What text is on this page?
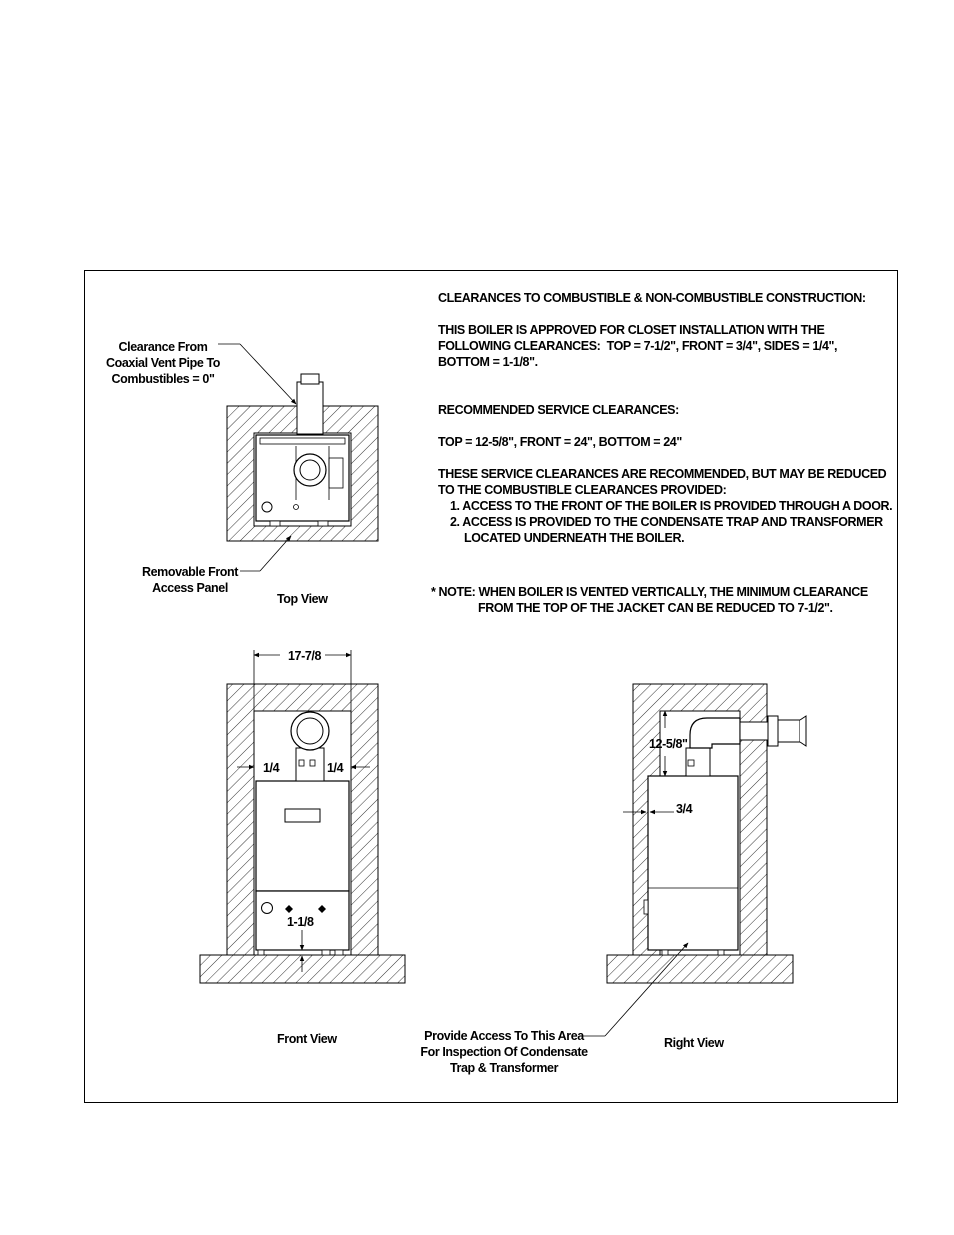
CLEARANCES TO COMBUSTIBLE & NON-COMBUSTIBLE CONSTRUCTION:
THIS BOILER IS APPROVED FOR CLOSET INSTALLATION WITH THE
FOLLOWING CLEARANCES:  TOP = 7-1/2", FRONT = 3/4", SIDES = 1/4",
BOTTOM = 1-1/8".
RECOMMENDED SERVICE CLEARANCES:
TOP = 12-5/8", FRONT = 24", BOTTOM = 24"
THESE SERVICE CLEARANCES ARE RECOMMENDED, BUT MAY BE REDUCED
TO THE COMBUSTIBLE CLEARANCES PROVIDED:
1. ACCESS TO THE FRONT OF THE BOILER IS PROVIDED THROUGH A DOOR.
2. ACCESS IS PROVIDED TO THE CONDENSATE TRAP AND TRANSFORMER
LOCATED UNDERNEATH THE BOILER.
* NOTE: WHEN BOILER IS VENTED VERTICALLY, THE MINIMUM CLEARANCE
FROM THE TOP OF THE JACKET CAN BE REDUCED TO 7-1/2".
Clearance From
Coaxial Vent Pipe To
Combustibles = 0"
Removable Front
Access Panel
Provide Access To This Area
For Inspection Of Condensate
Trap & Transformer
Top View
Front View	Right View
17-7/8
1/4	1/4
1-1/8
12-5/8"
3/4
